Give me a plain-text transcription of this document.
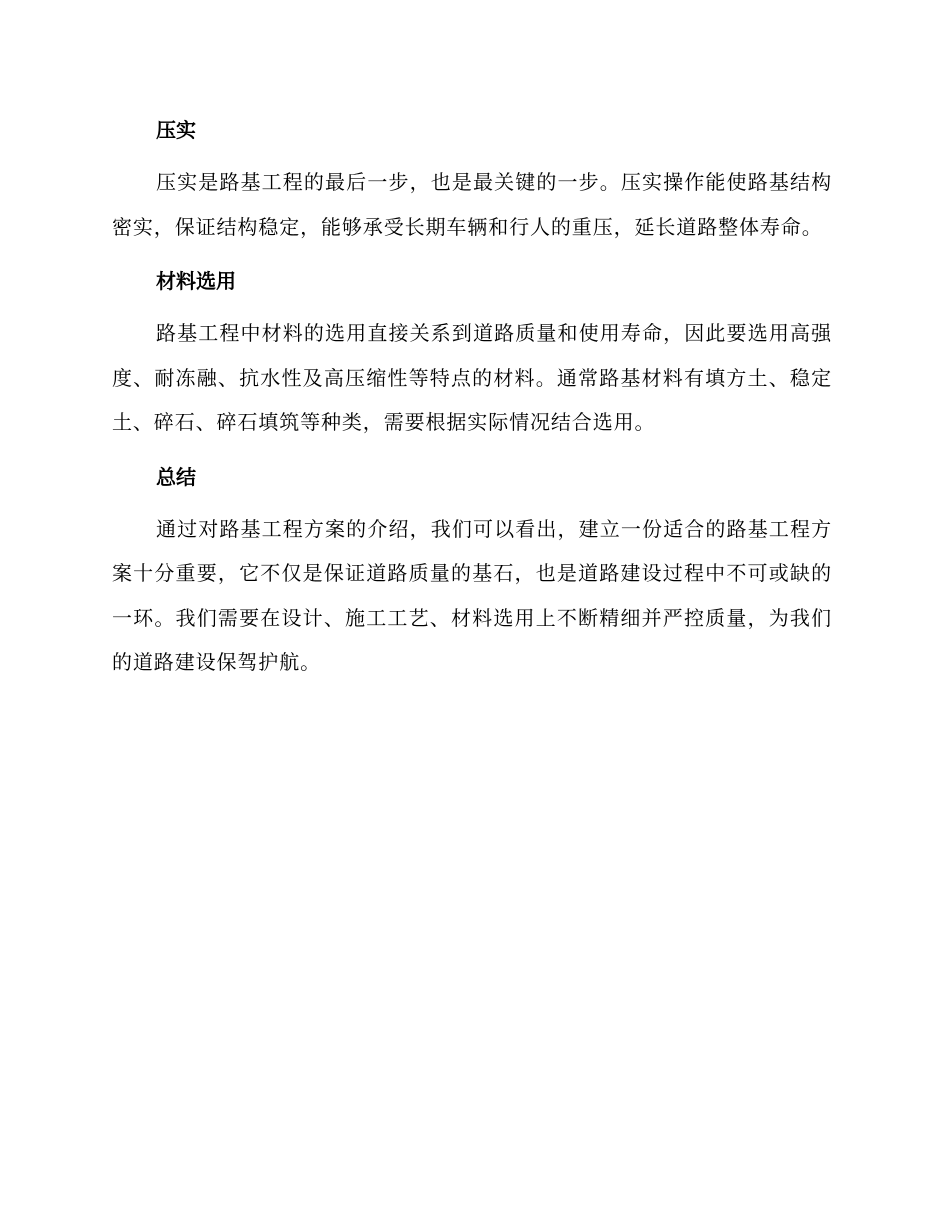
压实

压实是路基工程的最后一步，也是最关键的一步。压实操作能使路基结构密实，保证结构稳定，能够承受长期车辆和行人的重压，延长道路整体寿命。

材料选用

路基工程中材料的选用直接关系到道路质量和使用寿命，因此要选用高强度、耐冻融、抗水性及高压缩性等特点的材料。通常路基材料有填方土、稳定土、碎石、碎石填筑等种类，需要根据实际情况结合选用。

总结

通过对路基工程方案的介绍，我们可以看出，建立一份适合的路基工程方案十分重要，它不仅是保证道路质量的基石，也是道路建设过程中不可或缺的一环。我们需要在设计、施工工艺、材料选用上不断精细并严控质量，为我们的道路建设保驾护航。
